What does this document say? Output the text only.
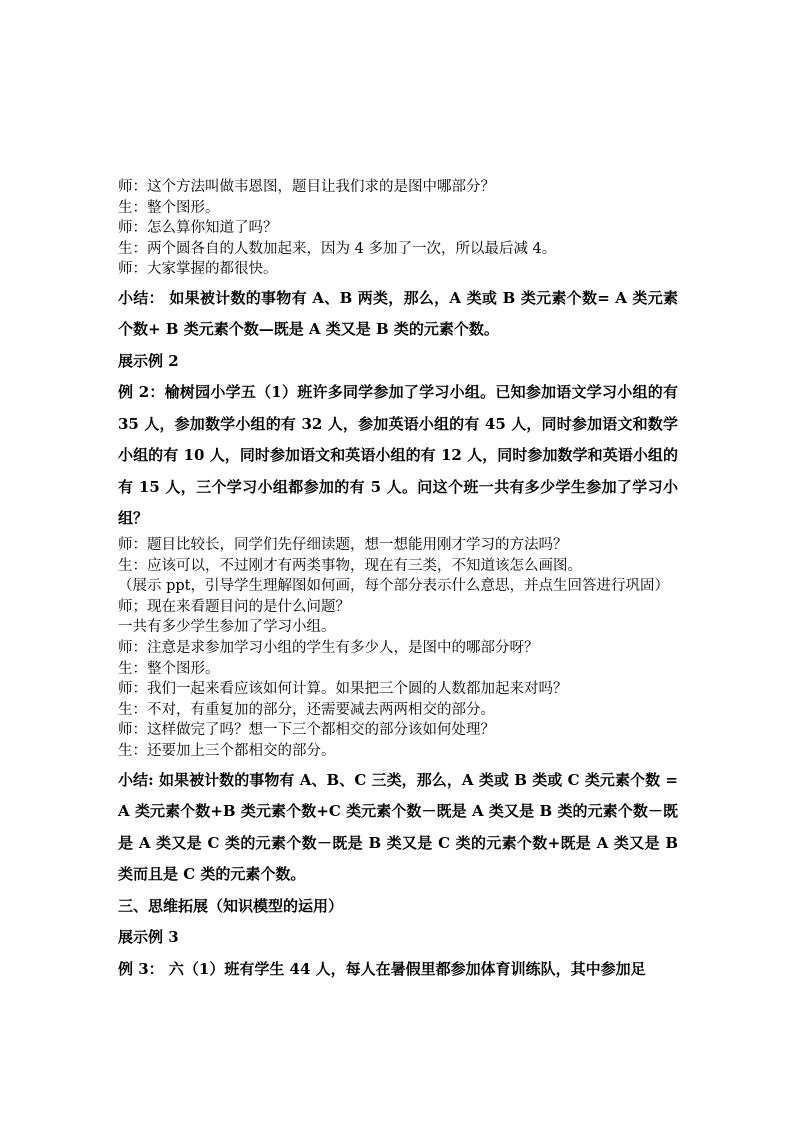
师：这个方法叫做韦恩图，题目让我们求的是图中哪部分？

生：整个图形。

师：怎么算你知道了吗？

生：两个圆各自的人数加起来，因为 4 多加了一次，所以最后减 4。

师：大家掌握的都很快。

小结： 如果被计数的事物有 A、B 两类，那么，A 类或 B 类元素个数= A 类元素个数+ B 类元素个数—既是 A 类又是 B 类的元素个数。

展示例 2

例 2：榆树园小学五（1）班许多同学参加了学习小组。已知参加语文学习小组的有 35 人，参加数学小组的有 32 人，参加英语小组的有 45 人，同时参加语文和数学小组的有 10 人，同时参加语文和英语小组的有 12 人，同时参加数学和英语小组的有 15 人，三个学习小组都参加的有 5 人。问这个班一共有多少学生参加了学习小组？

师：题目比较长，同学们先仔细读题，想一想能用刚才学习的方法吗？

生：应该可以，不过刚才有两类事物，现在有三类，不知道该怎么画图。

（展示 ppt，引导学生理解图如何画，每个部分表示什么意思，并点生回答进行巩固）

师；现在来看题目问的是什么问题？

一共有多少学生参加了学习小组。

师：注意是求参加学习小组的学生有多少人，是图中的哪部分呀？

生：整个图形。

师：我们一起来看应该如何计算。如果把三个圆的人数都加起来对吗？

生：不对，有重复加的部分，还需要减去两两相交的部分。

师：这样做完了吗？想一下三个都相交的部分该如何处理？

生：还要加上三个都相交的部分。

小结: 如果被计数的事物有 A、B、C 三类，那么，A 类或 B 类或 C 类元素个数 = A 类元素个数+B 类元素个数+C 类元素个数－既是 A 类又是 B 类的元素个数－既是 A 类又是 C 类的元素个数－既是 B 类又是 C 类的元素个数+既是 A 类又是 B 类而且是 C 类的元素个数。

三、思维拓展（知识模型的运用）

展示例 3

例 3： 六（1）班有学生 44 人，每人在暑假里都参加体育训练队，其中参加足
